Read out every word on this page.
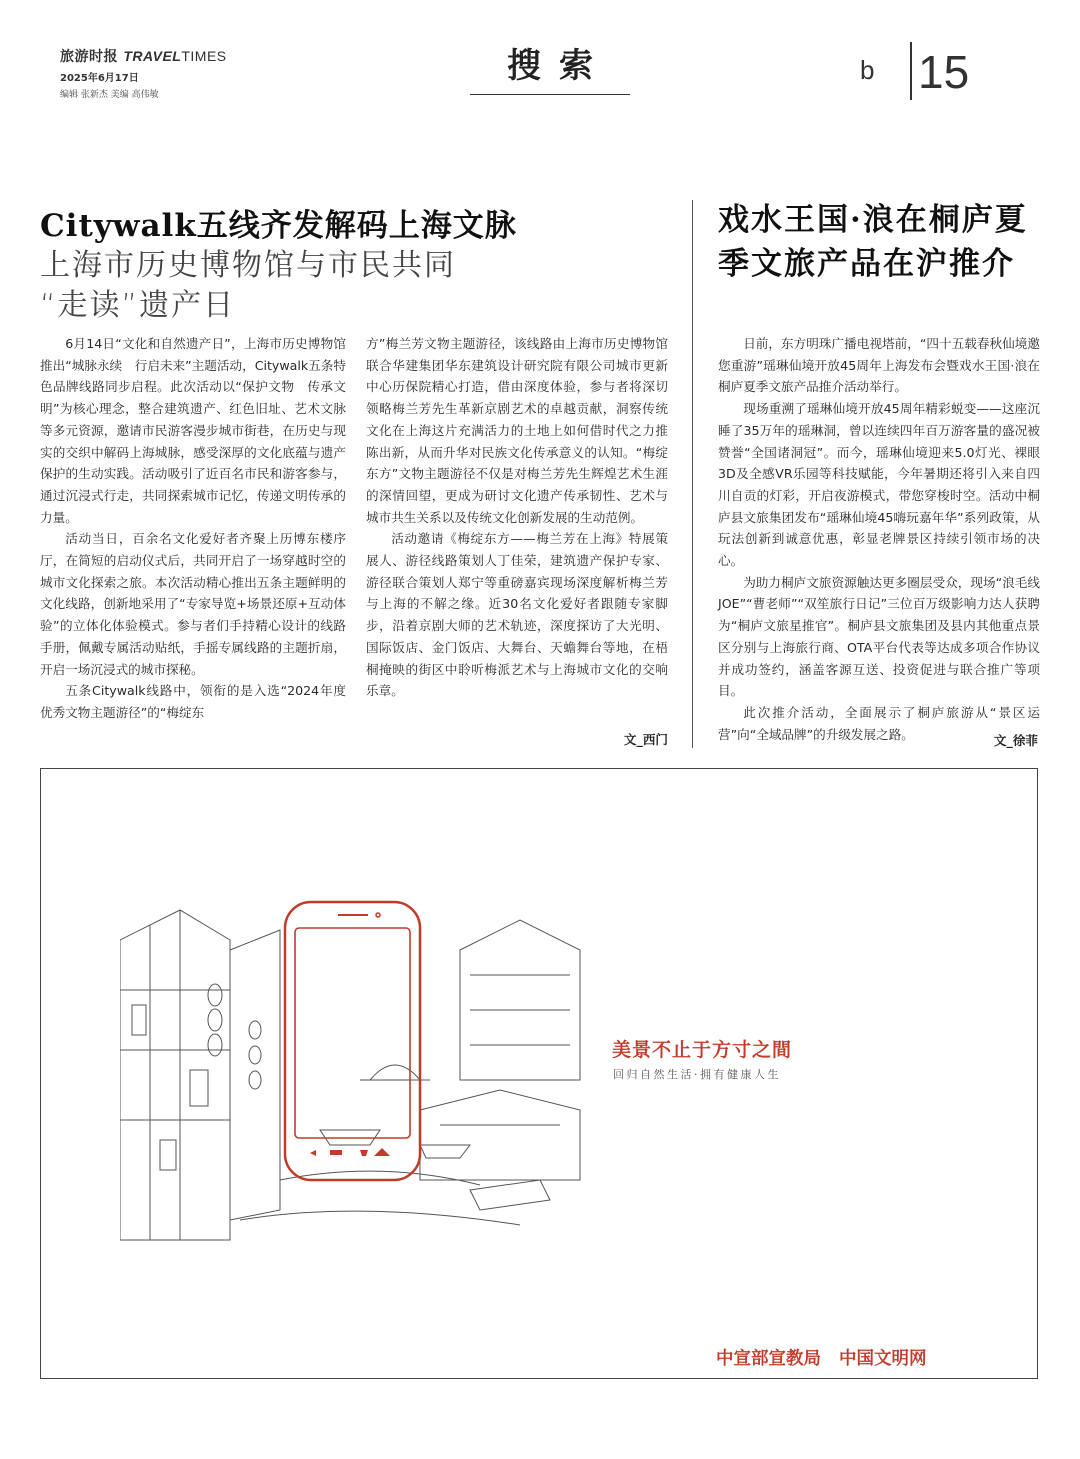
旅游时报 TRAVELTIMES
2025年6月17日
编辑 张新杰 美编 高伟敏
搜索	b 15
Citywalk五线齐发解码上海文脉
上海市历史博物馆与市民共同
“走读”遗产日

6月14日“文化和自然遗产日”，上海市历史博物馆推出“城脉永续　行启未来”主题活动，Citywalk五条特色品牌线路同步启程。此次活动以“保护文物　传承文明”为核心理念，整合建筑遗产、红色旧址、艺术文脉等多元资源，邀请市民游客漫步城市街巷，在历史与现实的交织中解码上海城脉，感受深厚的文化底蕴与遗产保护的生动实践。活动吸引了近百名市民和游客参与，通过沉浸式行走，共同探索城市记忆，传递文明传承的力量。

活动当日，百余名文化爱好者齐聚上历博东楼序厅，在简短的启动仪式后，共同开启了一场穿越时空的城市文化探索之旅。本次活动精心推出五条主题鲜明的文化线路，创新地采用了“专家导览+场景还原+互动体验”的立体化体验模式。参与者们手持精心设计的线路手册，佩戴专属活动贴纸，手摇专属线路的主题折扇，开启一场沉浸式的城市探秘。

五条Citywalk线路中，领衔的是入选“2024年度优秀文物主题游径”的“梅绽东

方”梅兰芳文物主题游径，该线路由上海市历史博物馆联合华建集团华东建筑设计研究院有限公司城市更新中心历保院精心打造，借由深度体验，参与者将深切领略梅兰芳先生革新京剧艺术的卓越贡献，洞察传统文化在上海这片充满活力的土地上如何借时代之力推陈出新，从而升华对民族文化传承意义的认知。“梅绽东方”文物主题游径不仅是对梅兰芳先生辉煌艺术生涯的深情回望，更成为研讨文化遗产传承韧性、艺术与城市共生关系以及传统文化创新发展的生动范例。

活动邀请《梅绽东方——梅兰芳在上海》特展策展人、游径线路策划人丁佳荣，建筑遗产保护专家、游径联合策划人郑宁等重磅嘉宾现场深度解析梅兰芳与上海的不解之缘。近30名文化爱好者跟随专家脚步，沿着京剧大师的艺术轨迹，深度探访了大光明、国际饭店、金门饭店、大舞台、天蟾舞台等地，在梧桐掩映的街区中聆听梅派艺术与上海城市文化的交响乐章。

文_西门
戏水王国·浪在桐庐夏季文旅产品在沪推介

日前，东方明珠广播电视塔前，“四十五载春秋仙境邀您重游”瑶琳仙境开放45周年上海发布会暨戏水王国·浪在桐庐夏季文旅产品推介活动举行。

现场重溯了瑶琳仙境开放45周年精彩蜕变——这座沉睡了35万年的瑶琳洞，曾以连续四年百万游客量的盛况被赞誉“全国诸洞冠”。而今，瑶琳仙境迎来5.0灯光、裸眼3D及全感VR乐园等科技赋能，今年暑期还将引入来自四川自贡的灯彩，开启夜游模式，带您穿梭时空。活动中桐庐县文旅集团发布“瑶琳仙境45嗨玩嘉年华”系列政策，从玩法创新到诚意优惠，彰显老牌景区持续引领市场的决心。

为助力桐庐文旅资源触达更多圈层受众，现场“浪毛线JOE”“曹老师”“双笙旅行日记”三位百万级影响力达人获聘为“桐庐文旅星推官”。桐庐县文旅集团及县内其他重点景区分别与上海旅行商、OTA平台代表等达成多项合作协议并成功签约，涵盖客源互送、投资促进与联合推广等项目。

此次推介活动，全面展示了桐庐旅游从“景区运营”向“全域品牌”的升级发展之路。	文_徐菲
美景不止于方寸之間
回归自然生活·拥有健康人生
中宣部宣教局 中国文明网
